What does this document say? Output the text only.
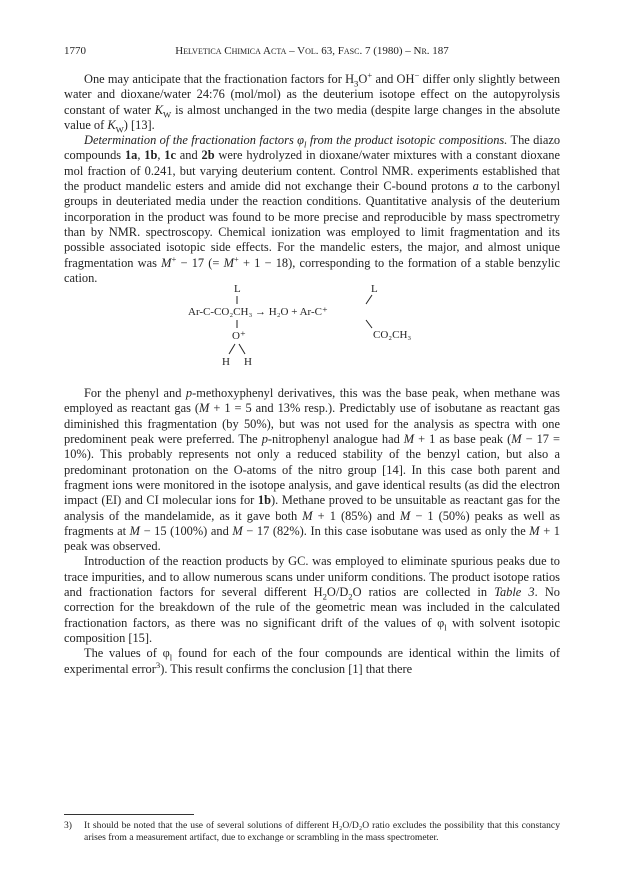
1770	Helvetica Chimica Acta – Vol. 63, Fasc. 7 (1980) – Nr. 187

One may anticipate that the fractionation factors for $H_3O^+$ and OH− differ only slightly between water and dioxane/water 24:76 (mol/mol) as the deuterium isotope effect on the autopyrolysis constant of water $K_W$ is almost unchanged in the two media (despite large changes in the absolute value of $K_W$) [13].

Determination of the fractionation factors $\varphi_l$ from the product isotopic compositions. The diazo compounds 1a, 1b, 1c and 2b were hydrolyzed in dioxane/water mixtures with a constant dioxane mol fraction of 0.241, but varying deuterium content. Control NMR. experiments established that the product mandelic esters and amide did not exchange their C-bound protons a to the carbonyl groups in deuteriated media under the reaction conditions. Quantitative analysis of the deuterium incorporation in the product was found to be more precise and reproducible by mass spectrometry than by NMR. spectroscopy. Chemical ionization was employed to limit fragmentation and its possible associated isotopic side effects. For the mandelic esters, the major, and almost unique fragmentation was M+ − 17 (= M+ + 1 − 18), corresponding to the formation of a stable benzylic cation.

L
Ar-C-CO₂CH₃ → H₂O + Ar-C⁺
O⁺
H H
L
CO₂CH₃

For the phenyl and p-methoxyphenyl derivatives, this was the base peak, when methane was employed as reactant gas (M + 1 = 5 and 13% resp.). Predictably use of isobutane as reactant gas diminished this fragmentation (by 50%), but was not used for the analysis as spectra with one predominent peak were preferred. The p-nitrophenyl analogue had M + 1 as base peak (M − 17 = 10%). This probably represents not only a reduced stability of the benzyl cation, but also a predominant protonation on the O-atoms of the nitro group [14]. In this case both parent and fragment ions were monitored in the isotope analysis, and gave identical results (as did the electron impact (EI) and CI molecular ions for 1b). Methane proved to be unsuitable as reactant gas for the analysis of the mandelamide, as it gave both M + 1 (85%) and M − 1 (50%) peaks as well as fragments at M − 15 (100%) and M − 17 (82%). In this case isobutane was used as only the M + 1 peak was observed.

Introduction of the reaction products by GC. was employed to eliminate spurious peaks due to trace impurities, and to allow numerous scans under uniform conditions. The product isotope ratios and fractionation factors for several different $H_2O/D_2O$ ratios are collected in Table 3. No correction for the breakdown of the rule of the geometric mean was included in the calculated fractionation factors, as there was no significant drift of the values of $\varphi_l$ with solvent isotopic composition [15].

The values of $\varphi_l$ found for each of the four compounds are identical within the limits of experimental error$^3$). This result confirms the conclusion [1] that there

3) It should be noted that the use of several solutions of different H₂O/D₂O ratio excludes the possibility that this constancy arises from a measurement artifact, due to exchange or scrambling in the mass spectrometer.
